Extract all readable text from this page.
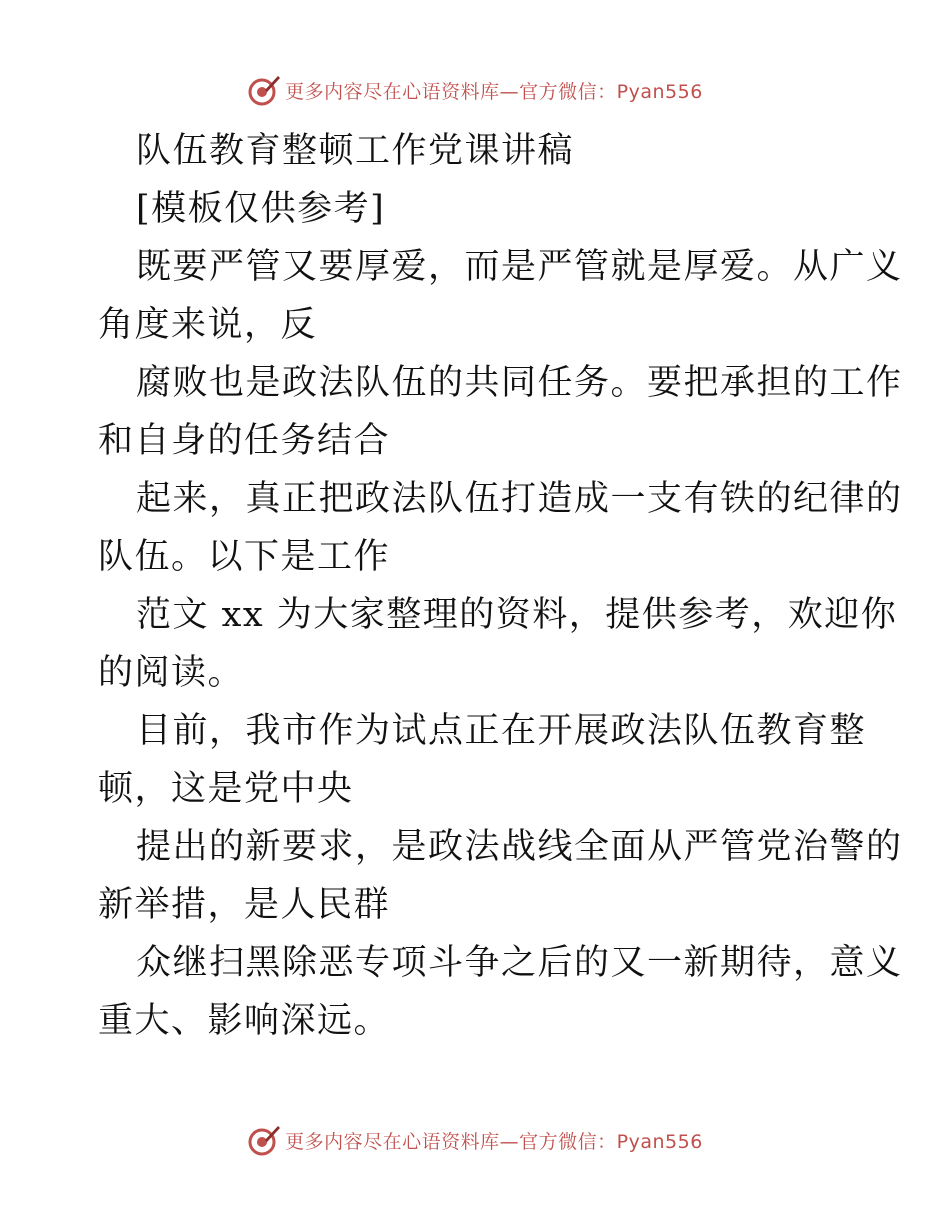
更多内容尽在心语资料库—官方微信：Pyan556
队伍教育整顿工作党课讲稿
[模板仅供参考]
既要严管又要厚爱，而是严管就是厚爱。从广义
角度来说，反
腐败也是政法队伍的共同任务。要把承担的工作
和自身的任务结合
起来，真正把政法队伍打造成一支有铁的纪律的
队伍。以下是工作
范文 xx 为大家整理的资料，提供参考，欢迎你
的阅读。
目前，我市作为试点正在开展政法队伍教育整
顿，这是党中央
提出的新要求，是政法战线全面从严管党治警的
新举措，是人民群
众继扫黑除恶专项斗争之后的又一新期待，意义
重大、影响深远。
更多内容尽在心语资料库—官方微信：Pyan556
